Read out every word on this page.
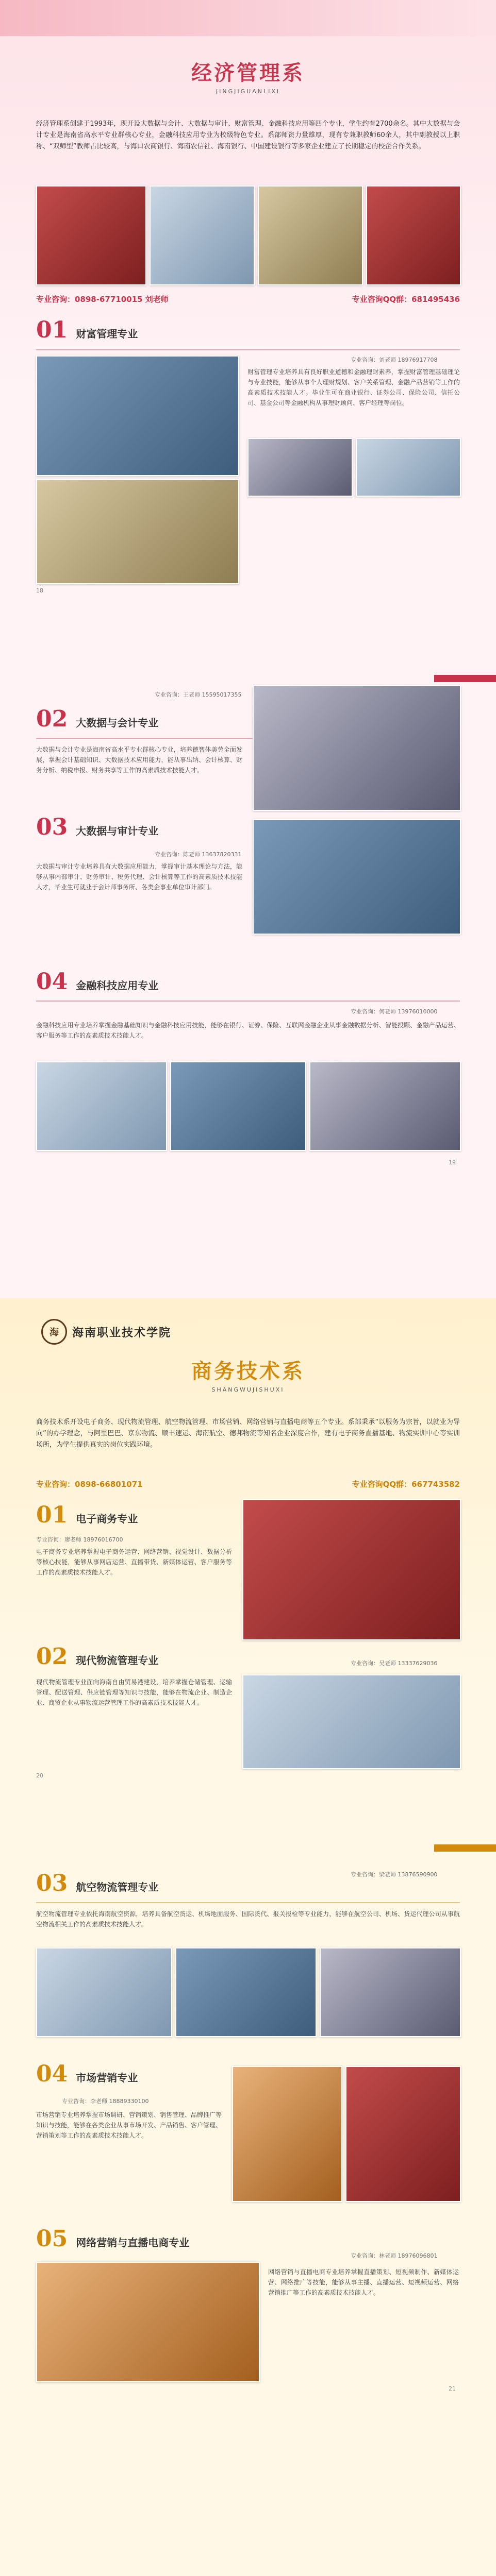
经济管理系
JINGJIGUANLIXI
经济管理系创建于1993年，现开设大数据与会计、大数据与审计、财富管理、金融科技应用等四个专业，学生约有2700余名。其中大数据与会计专业是海南省高水平专业群核心专业，金融科技应用专业为校级特色专业。系部师资力量雄厚，现有专兼职教师60余人，其中副教授以上职称、“双师型”教师占比较高，与海口农商银行、海南农信社、海南银行、中国建设银行等多家企业建立了长期稳定的校企合作关系。
专业咨询：0898-67710015 刘老师	专业咨询QQ群：681495436
01 财富管理专业
专业咨询：刘老师 18976917708
财富管理专业培养具有良好职业道德和金融理财素养，掌握财富管理基础理论与专业技能，能够从事个人理财规划、客户关系管理、金融产品营销等工作的高素质技术技能人才。毕业生可在商业银行、证券公司、保险公司、信托公司、基金公司等金融机构从事理财顾问、客户经理等岗位。
18
02 大数据与会计专业
专业咨询：王老师 15595017355
大数据与会计专业是海南省高水平专业群核心专业，培养德智体美劳全面发展，掌握会计基础知识、大数据技术应用能力，能从事出纳、会计核算、财务分析、纳税申报、财务共享等工作的高素质技术技能人才。
03 大数据与审计专业
专业咨询：陈老师 13637820331
大数据与审计专业培养具有大数据应用能力，掌握审计基本理论与方法，能够从事内部审计、财务审计、税务代理、会计核算等工作的高素质技术技能人才，毕业生可就业于会计师事务所、各类企事业单位审计部门。
04 金融科技应用专业
专业咨询：何老师 13976010000
金融科技应用专业培养掌握金融基础知识与金融科技应用技能，能够在银行、证券、保险、互联网金融企业从事金融数据分析、智能投顾、金融产品运营、客户服务等工作的高素质技术技能人才。
19
海	海南职业技术学院
商务技术系
SHANGWUJISHUXI
商务技术系开设电子商务、现代物流管理、航空物流管理、市场营销、网络营销与直播电商等五个专业。系部秉承“以服务为宗旨，以就业为导向”的办学理念，与阿里巴巴、京东物流、顺丰速运、海南航空、德邦物流等知名企业深度合作，建有电子商务直播基地、物流实训中心等实训场所，为学生提供真实的岗位实践环境。
专业咨询：0898-66801071	专业咨询QQ群：667743582
01 电子商务专业
专业咨询：廖老师 18976016700
电子商务专业培养掌握电子商务运营、网络营销、视觉设计、数据分析等核心技能，能够从事网店运营、直播带货、新媒体运营、客户服务等工作的高素质技术技能人才。
02 现代物流管理专业	专业咨询：吴老师 13337629036
现代物流管理专业面向海南自由贸易港建设，培养掌握仓储管理、运输管理、配送管理、供应链管理等知识与技能，能够在物流企业、制造企业、商贸企业从事物流运营管理工作的高素质技术技能人才。
20
03 航空物流管理专业
专业咨询：梁老师 13876590900
航空物流管理专业依托海南航空资源，培养具备航空货运、机场地面服务、国际货代、报关报检等专业能力，能够在航空公司、机场、货运代理公司从事航空物流相关工作的高素质技术技能人才。
04 市场营销专业
专业咨询：李老师 18889330100
市场营销专业培养掌握市场调研、营销策划、销售管理、品牌推广等知识与技能，能够在各类企业从事市场开发、产品销售、客户管理、营销策划等工作的高素质技术技能人才。
05 网络营销与直播电商专业
专业咨询：林老师 18976096801
网络营销与直播电商专业培养掌握直播策划、短视频制作、新媒体运营、网络推广等技能，能够从事主播、直播运营、短视频运营、网络营销推广等工作的高素质技术技能人才。
21
